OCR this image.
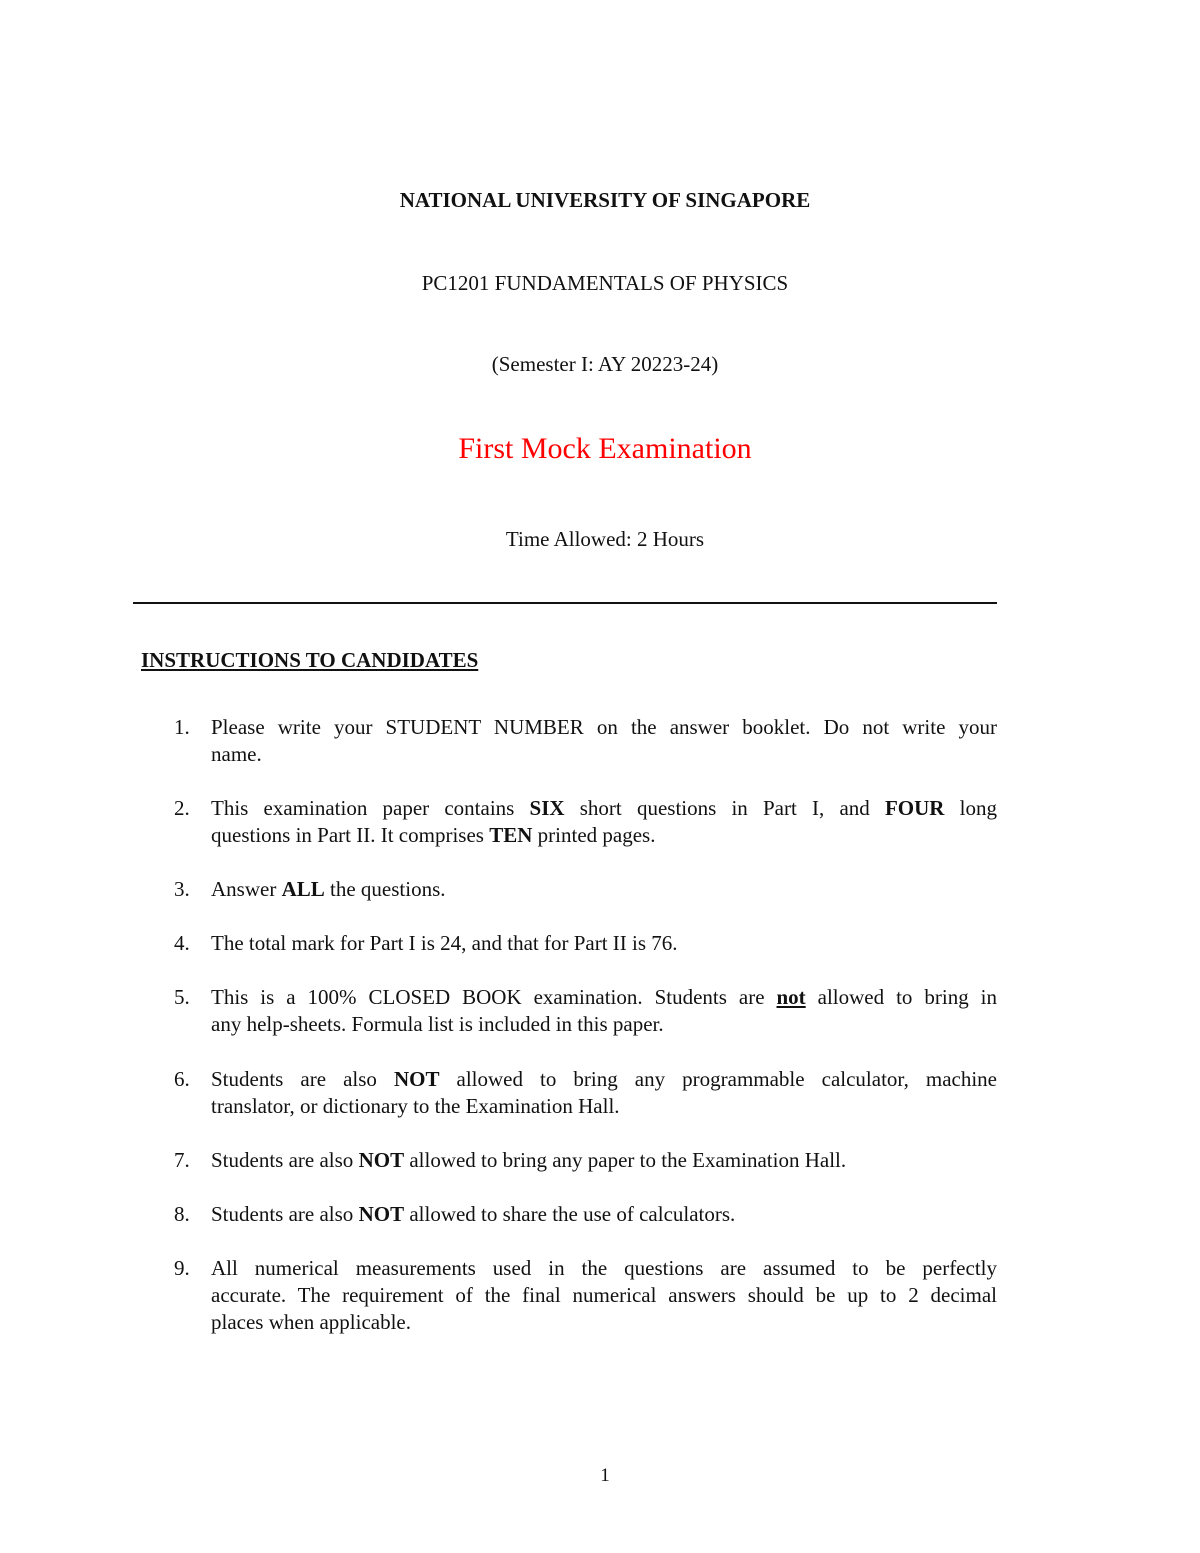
NATIONAL UNIVERSITY OF SINGAPORE
PC1201 FUNDAMENTALS OF PHYSICS
(Semester I: AY 20223-24)
First Mock Examination
Time Allowed: 2 Hours
INSTRUCTIONS TO CANDIDATES
1.	Please write your STUDENT NUMBER on the answer booklet. Do not write your
name.
2.	This examination paper contains SIX short questions in Part I, and FOUR long
questions in Part II. It comprises TEN printed pages.
3.	Answer ALL the questions.
4.	The total mark for Part I is 24, and that for Part II is 76.
5.	This is a 100% CLOSED BOOK examination. Students are not allowed to bring in
any help-sheets. Formula list is included in this paper.
6.	Students are also NOT allowed to bring any programmable calculator, machine
translator, or dictionary to the Examination Hall.
7.	Students are also NOT allowed to bring any paper to the Examination Hall.
8.	Students are also NOT allowed to share the use of calculators.
9.	All numerical measurements used in the questions are assumed to be perfectly
accurate. The requirement of the final numerical answers should be up to 2 decimal
places when applicable.
1
